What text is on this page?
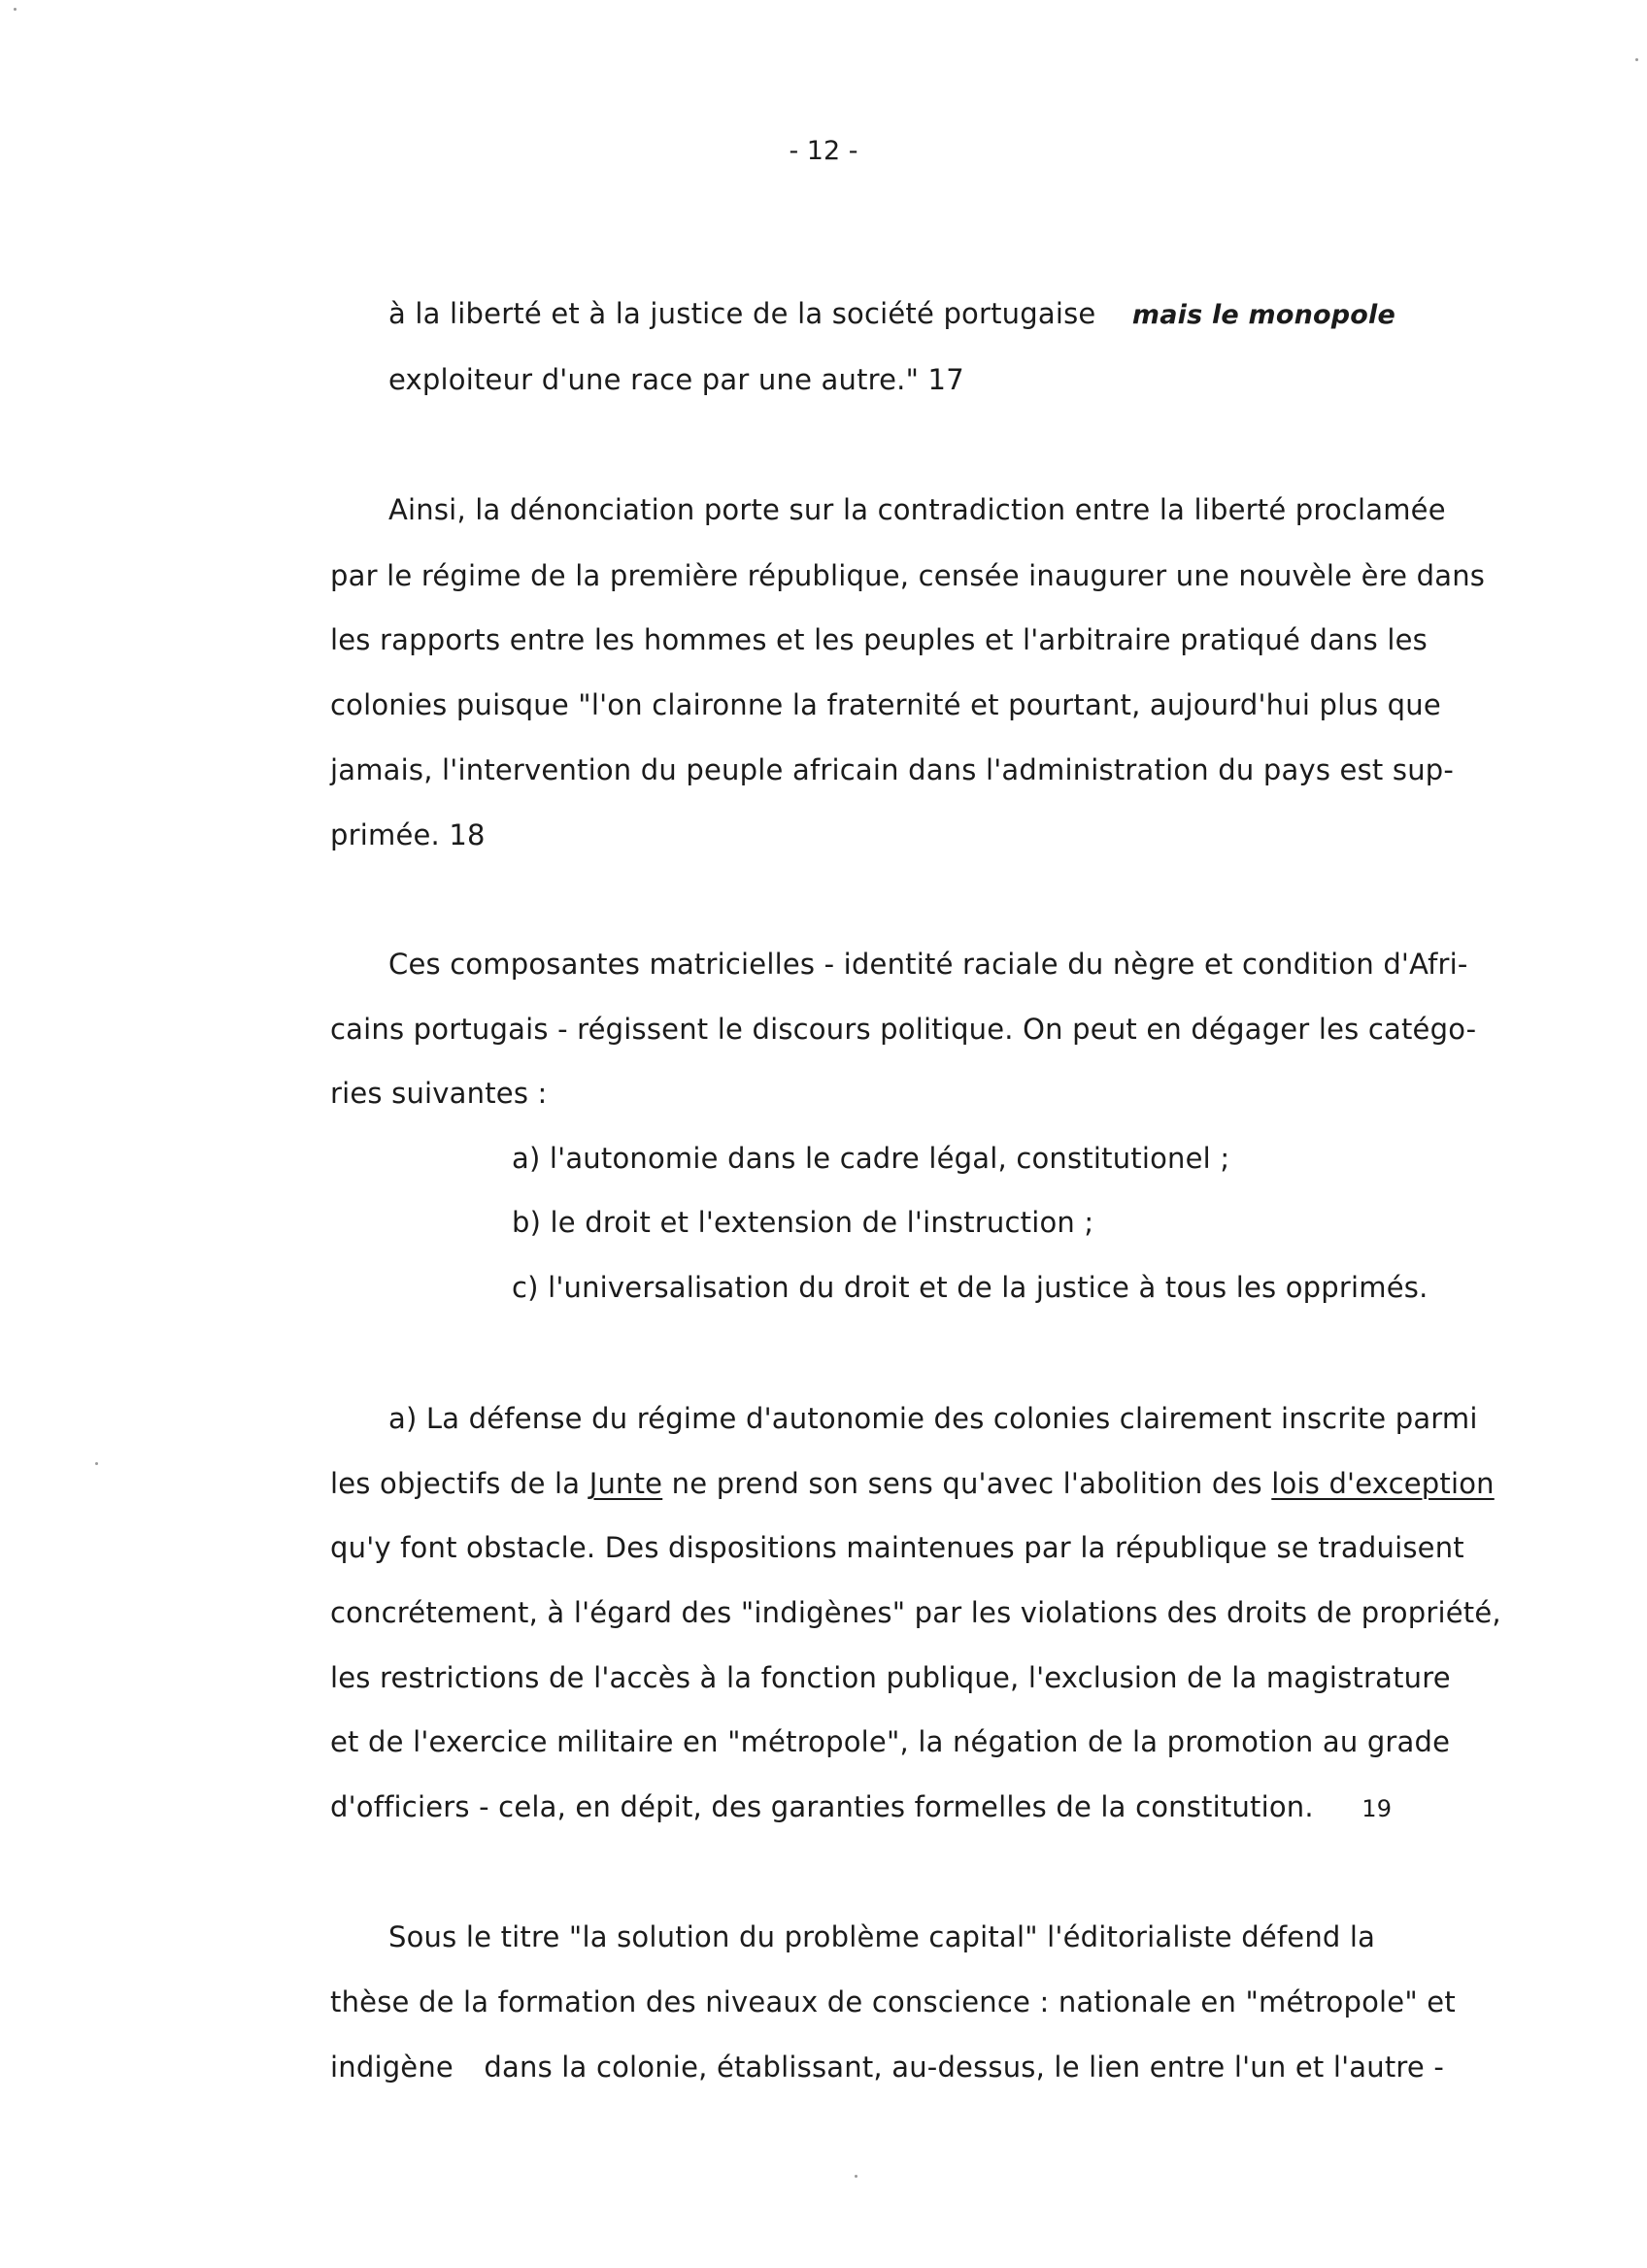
- 12 -
à la liberté et à la justice de la société portugaise mais le monopole
exploiteur d'une race par une autre." 17
Ainsi, la dénonciation porte sur la contradiction entre la liberté proclamée
par le régime de la première république, censée inaugurer une nouvèle ère dans
les rapports entre les hommes et les peuples et l'arbitraire pratiqué dans les
colonies puisque "l'on claironne la fraternité et pourtant, aujourd'hui plus que
jamais, l'intervention du peuple africain dans l'administration du pays est sup-
primée. 18
Ces composantes matricielles - identité raciale du nègre et condition d'Afri-
cains portugais - régissent le discours politique. On peut en dégager les catégo-
ries suivantes :
a) l'autonomie dans le cadre légal, constitutionel ;
b) le droit et l'extension de l'instruction ;
c) l'universalisation du droit et de la justice à tous les opprimés.
a) La défense du régime d'autonomie des colonies clairement inscrite parmi
les objectifs de la Junte ne prend son sens qu'avec l'abolition des lois d'exception
qu'y font obstacle. Des dispositions maintenues par la république se traduisent
concrétement, à l'égard des "indigènes" par les violations des droits de propriété,
les restrictions de l'accès à la fonction publique, l'exclusion de la magistrature
et de l'exercice militaire en "métropole", la négation de la promotion au grade
d'officiers - cela, en dépit, des garanties formelles de la constitution. 19
Sous le titre "la solution du problème capital" l'éditorialiste défend la
thèse de la formation des niveaux de conscience : nationale en "métropole" et
indigène dans la colonie, établissant, au-dessus, le lien entre l'un et l'autre -
